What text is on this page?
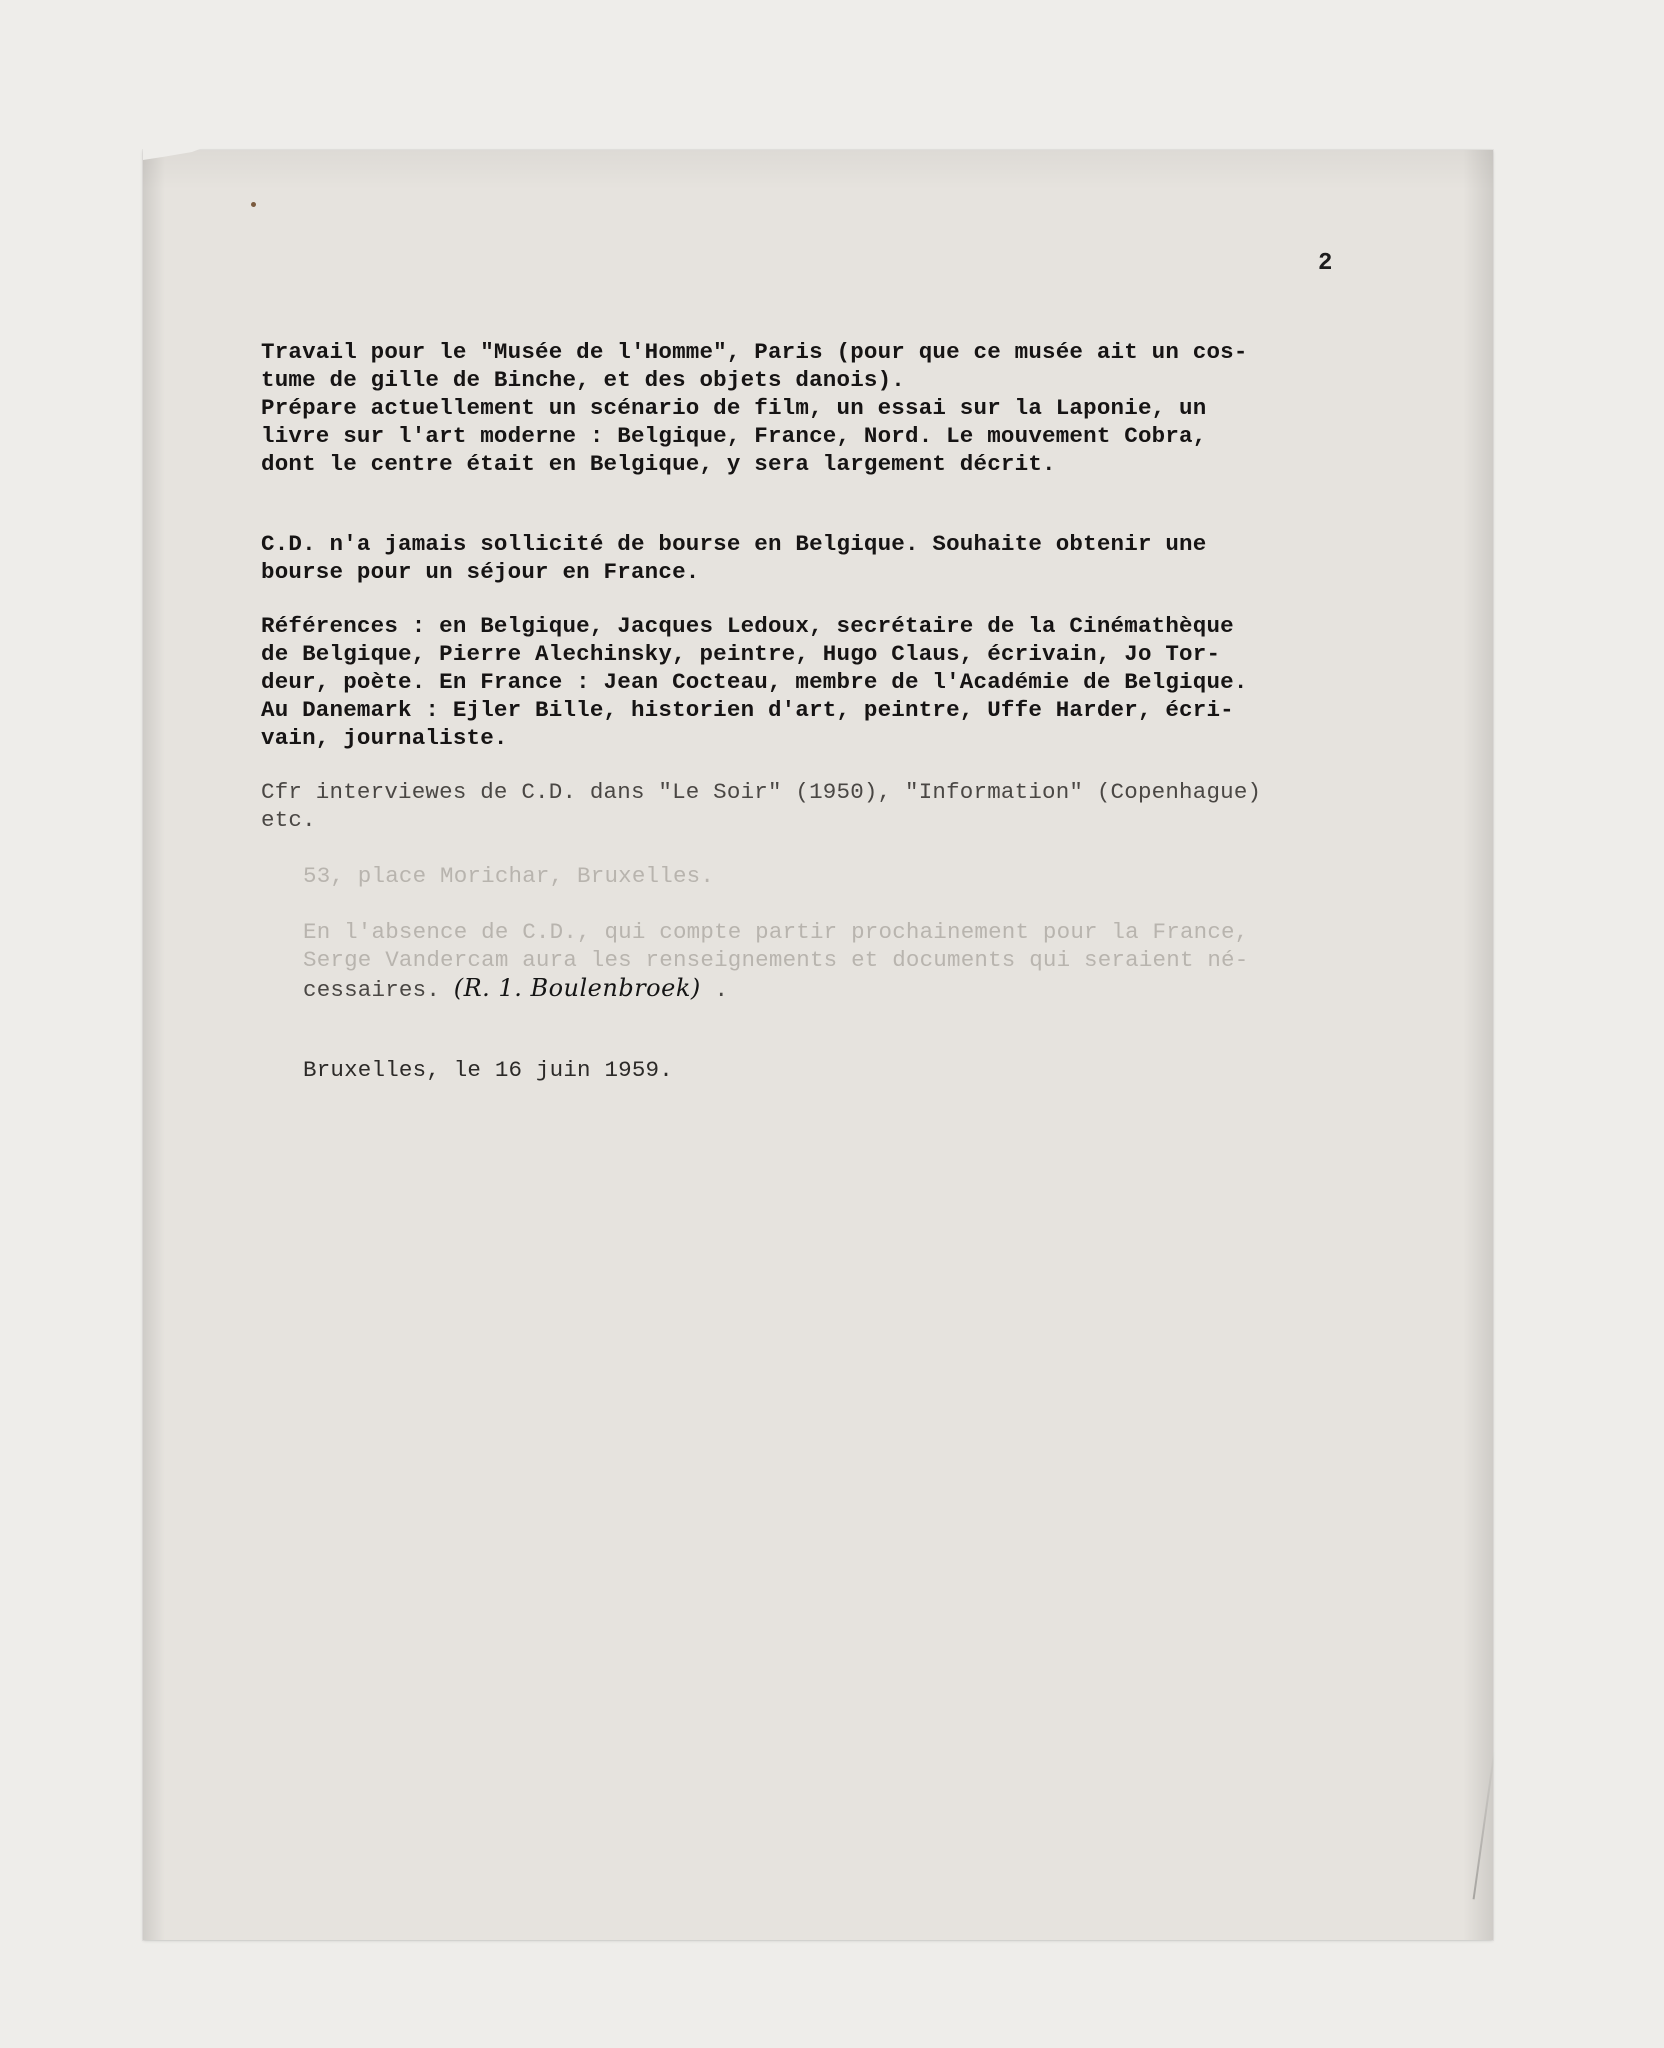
2
Travail pour le "Musée de l'Homme", Paris (pour que ce musée ait un cos-
tume de gille de Binche, et des objets danois).
Prépare actuellement un scénario de film, un essai sur la Laponie, un
livre sur l'art moderne : Belgique, France, Nord. Le mouvement Cobra,
dont le centre était en Belgique, y sera largement décrit.
C.D. n'a jamais sollicité de bourse en Belgique. Souhaite obtenir une
bourse pour un séjour en France.
Références : en Belgique, Jacques Ledoux, secrétaire de la Cinémathèque
de Belgique, Pierre Alechinsky, peintre, Hugo Claus, écrivain, Jo Tor-
deur, poète. En France : Jean Cocteau, membre de l'Académie de Belgique.
Au Danemark : Ejler Bille, historien d'art, peintre, Uffe Harder, écri-
vain, journaliste.
Cfr interviewes de C.D. dans "Le Soir" (1950), "Information" (Copenhague)
etc.
53, place Morichar, Bruxelles.
En l'absence de C.D., qui compte partir prochainement pour la France,
Serge Vandercam aura les renseignements et documents qui seraient né-
cessaires. (R. 1. Boulenbroek) .
Bruxelles, le 16 juin 1959.
